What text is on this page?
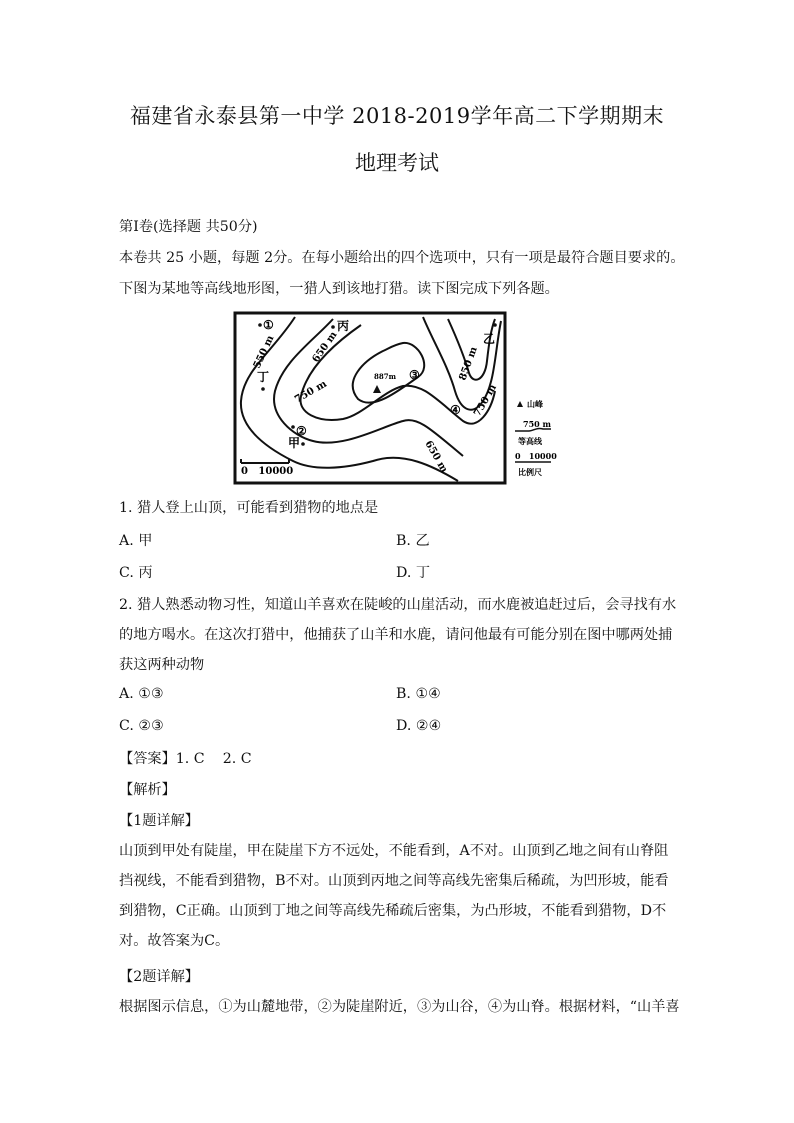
福建省永泰县第一中学 2018-2019学年高二下学期期末
地理考试
第Ⅰ卷(选择题 共50分)
本卷共 25 小题，每题 2分。在每小题给出的四个选项中，只有一项是最符合题目要求的。
下图为某地等高线地形图，一猎人到该地打猎。读下图完成下列各题。
①	丙
乙
丁	③
④
②
甲
887m
550 m	650 m
750 m
850 m
750 m
650 m
0   10000
山峰
750 m
等高线
0   10000
比例尺
1. 猎人登上山顶，可能看到猎物的地点是
A. 甲	B. 乙
C. 丙	D. 丁
2. 猎人熟悉动物习性，知道山羊喜欢在陡峻的山崖活动，而水鹿被追赶过后，会寻找有水的地方喝水。在这次打猎中，他捕获了山羊和水鹿，请问他最有可能分别在图中哪两处捕获这两种动物
A. ①③	B. ①④
C. ②③	D. ②④
【答案】1. C    2. C
【解析】
【1题详解】
山顶到甲处有陡崖，甲在陡崖下方不远处，不能看到，A不对。山顶到乙地之间有山脊阻挡视线，不能看到猎物，B不对。山顶到丙地之间等高线先密集后稀疏，为凹形坡，能看到猎物，C正确。山顶到丁地之间等高线先稀疏后密集，为凸形坡，不能看到猎物，D不对。故答案为C。
【2题详解】
根据图示信息，①为山麓地带，②为陡崖附近，③为山谷，④为山脊。根据材料，“山羊喜
